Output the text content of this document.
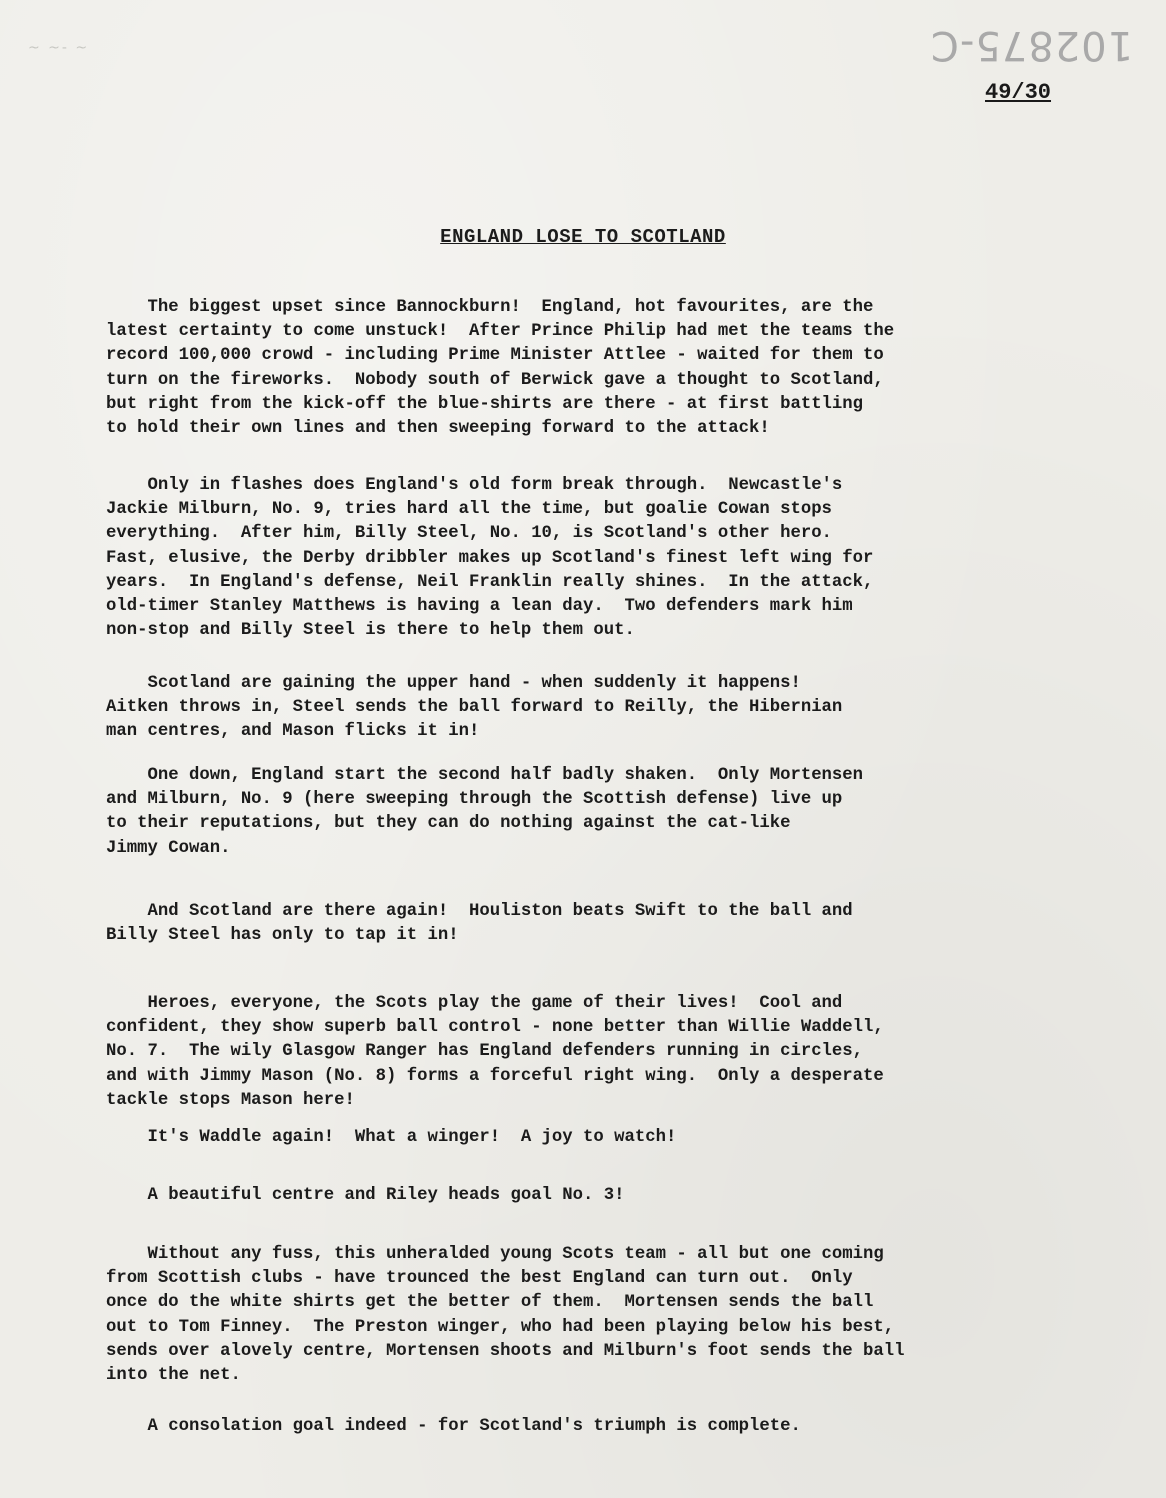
102875-C
~ ~- ~
49/30
ENGLAND LOSE TO SCOTLAND

The biggest upset since Bannockburn!  England, hot favourites, are the
latest certainty to come unstuck!  After Prince Philip had met the teams the
record 100,000 crowd - including Prime Minister Attlee - waited for them to
turn on the fireworks.  Nobody south of Berwick gave a thought to Scotland,
but right from the kick-off the blue-shirts are there - at first battling
to hold their own lines and then sweeping forward to the attack!

Only in flashes does England's old form break through.  Newcastle's
Jackie Milburn, No. 9, tries hard all the time, but goalie Cowan stops
everything.  After him, Billy Steel, No. 10, is Scotland's other hero.
Fast, elusive, the Derby dribbler makes up Scotland's finest left wing for
years.  In England's defense, Neil Franklin really shines.  In the attack,
old-timer Stanley Matthews is having a lean day.  Two defenders mark him
non-stop and Billy Steel is there to help them out.

Scotland are gaining the upper hand - when suddenly it happens!
Aitken throws in, Steel sends the ball forward to Reilly, the Hibernian
man centres, and Mason flicks it in!

One down, England start the second half badly shaken.  Only Mortensen
and Milburn, No. 9 (here sweeping through the Scottish defense) live up
to their reputations, but they can do nothing against the cat-like
Jimmy Cowan.

And Scotland are there again!  Houliston beats Swift to the ball and
Billy Steel has only to tap it in!

Heroes, everyone, the Scots play the game of their lives!  Cool and
confident, they show superb ball control - none better than Willie Waddell,
No. 7.  The wily Glasgow Ranger has England defenders running in circles,
and with Jimmy Mason (No. 8) forms a forceful right wing.  Only a desperate
tackle stops Mason here!

It's Waddle again!  What a winger!  A joy to watch!

A beautiful centre and Riley heads goal No. 3!

Without any fuss, this unheralded young Scots team - all but one coming
from Scottish clubs - have trounced the best England can turn out.  Only
once do the white shirts get the better of them.  Mortensen sends the ball
out to Tom Finney.  The Preston winger, who had been playing below his best,
sends over alovely centre, Mortensen shoots and Milburn's foot sends the ball
into the net.

A consolation goal indeed - for Scotland's triumph is complete.
